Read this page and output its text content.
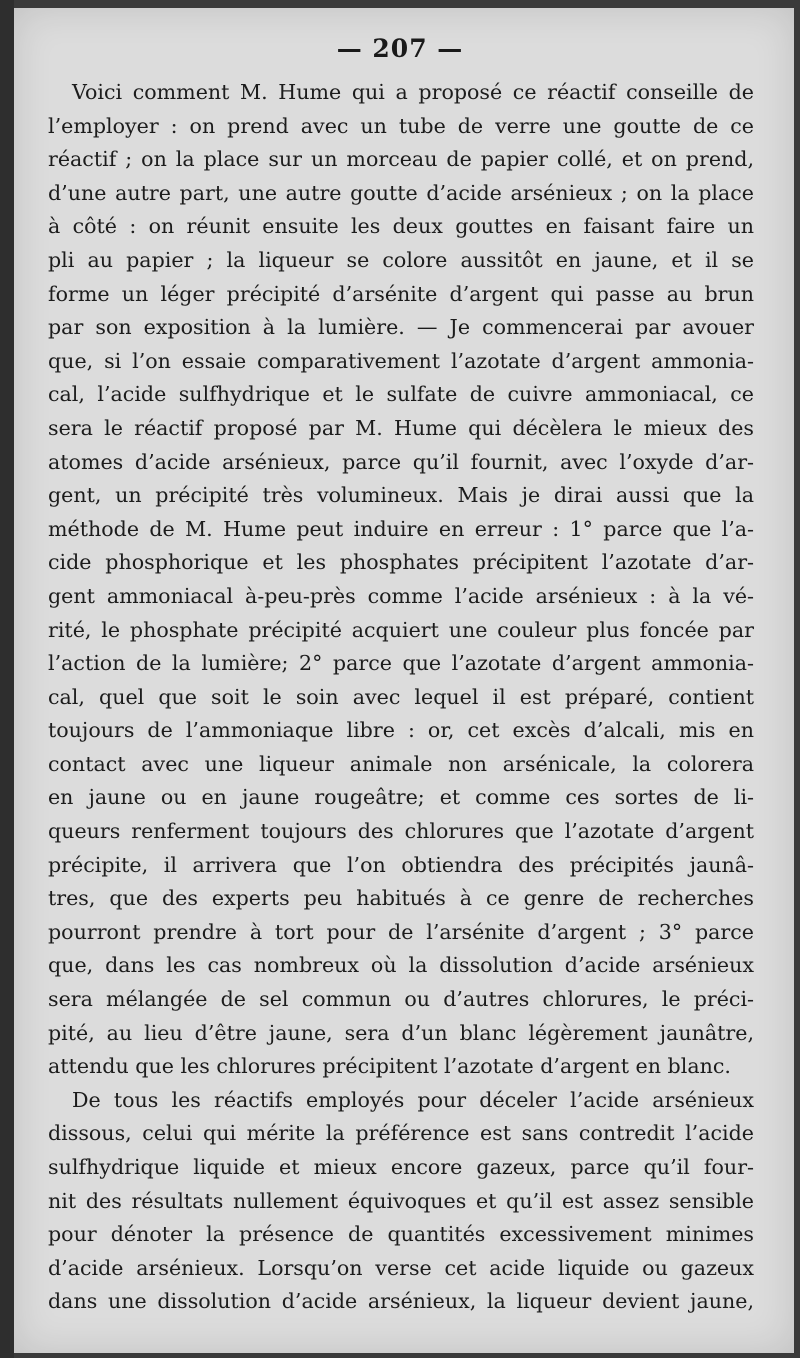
— 207 —
Voici comment M. Hume qui a proposé ce réactif conseille de
l’employer : on prend avec un tube de verre une goutte de ce
réactif ; on la place sur un morceau de papier collé, et on prend,
d’une autre part, une autre goutte d’acide arsénieux ; on la place
à côté : on réunit ensuite les deux gouttes en faisant faire un
pli au papier ; la liqueur se colore aussitôt en jaune, et il se
forme un léger précipité d’arsénite d’argent qui passe au brun
par son exposition à la lumière. — Je commencerai par avouer
que, si l’on essaie comparativement l’azotate d’argent ammonia-
cal, l’acide sulfhydrique et le sulfate de cuivre ammoniacal, ce
sera le réactif proposé par M. Hume qui décèlera le mieux des
atomes d’acide arsénieux, parce qu’il fournit, avec l’oxyde d’ar-
gent, un précipité très volumineux. Mais je dirai aussi que la
méthode de M. Hume peut induire en erreur : 1° parce que l’a-
cide phosphorique et les phosphates précipitent l’azotate d’ar-
gent ammoniacal à-peu-près comme l’acide arsénieux : à la vé-
rité, le phosphate précipité acquiert une couleur plus foncée par
l’action de la lumière; 2° parce que l’azotate d’argent ammonia-
cal, quel que soit le soin avec lequel il est préparé, contient
toujours de l’ammoniaque libre : or, cet excès d’alcali, mis en
contact avec une liqueur animale non arsénicale, la colorera
en jaune ou en jaune rougeâtre; et comme ces sortes de li-
queurs renferment toujours des chlorures que l’azotate d’argent
précipite, il arrivera que l’on obtiendra des précipités jaunâ-
tres, que des experts peu habitués à ce genre de recherches
pourront prendre à tort pour de l’arsénite d’argent ; 3° parce
que, dans les cas nombreux où la dissolution d’acide arsénieux
sera mélangée de sel commun ou d’autres chlorures, le préci-
pité, au lieu d’être jaune, sera d’un blanc légèrement jaunâtre,
attendu que les chlorures précipitent l’azotate d’argent en blanc.
De tous les réactifs employés pour déceler l’acide arsénieux
dissous, celui qui mérite la préférence est sans contredit l’acide
sulfhydrique liquide et mieux encore gazeux, parce qu’il four-
nit des résultats nullement équivoques et qu’il est assez sensible
pour dénoter la présence de quantités excessivement minimes
d’acide arsénieux. Lorsqu’on verse cet acide liquide ou gazeux
dans une dissolution d’acide arsénieux, la liqueur devient jaune,
